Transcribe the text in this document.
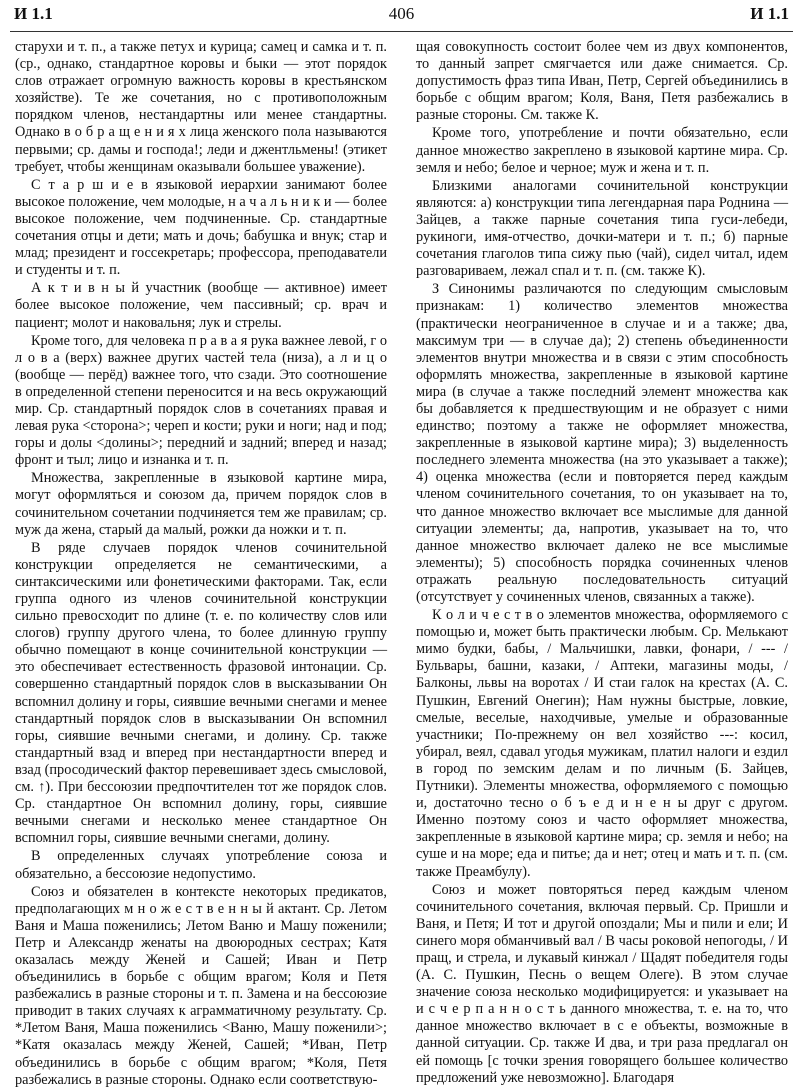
И 1.1	406	И 1.1

старухи и т. п., а также петух и курица; самец и самка и т. п. (ср., однако, стандартное коровы и быки — этот порядок слов отражает огромную важность коровы в крестьянском хозяйстве). Те же сочетания, но с противоположным порядком членов, нестандартны или менее стандартны. Однако в о б р а щ е н и я х лица женского пола называются первыми; ср. дамы и господа!; леди и джентльмены! (этикет требует, чтобы женщинам оказывали большее уважение).

С т а р ш и е в языковой иерархии занимают более высокое положение, чем молодые, н а ч а л ь н и к и — более высокое положение, чем подчиненные. Ср. стандартные сочетания отцы и дети; мать и дочь; бабушка и внук; стар и млад; президент и госсекретарь; профессора, преподаватели и студенты и т. п.

А к т и в н ы й участник (вообще — активное) имеет более высокое положение, чем пассивный; ср. врач и пациент; молот и наковальня; лук и стрелы.

Кроме того, для человека п р а в а я рука важнее левой, г о л о в а (верх) важнее других частей тела (низа), а л и ц о (вообще — перёд) важнее того, что сзади. Это соотношение в определенной степени переносится и на весь окружающий мир. Ср. стандартный порядок слов в сочетаниях правая и левая рука <сторона>; череп и кости; руки и ноги; над и под; горы и долы <долины>; передний и задний; вперед и назад; фронт и тыл; лицо и изнанка и т. п.

Множества, закрепленные в языковой картине мира, могут оформляться и союзом да, причем порядок слов в сочинительном сочетании подчиняется тем же правилам; ср. муж да жена, старый да малый, рожки да ножки и т. п.

В ряде случаев порядок членов сочинительной конструкции определяется не семантическими, а синтаксическими или фонетическими факторами. Так, если группа одного из членов сочинительной конструкции сильно превосходит по длине (т. е. по количеству слов или слогов) группу другого члена, то более длинную группу обычно помещают в конце сочинительной конструкции — это обеспечивает естественность фразовой интонации. Ср. совершенно стандартный порядок слов в высказывании Он вспомнил долину и горы, сиявшие вечными снегами и менее стандартный порядок слов в высказывании Он вспомнил горы, сиявшие вечными снегами, и долину. Ср. также стандартный взад и вперед при нестандартности вперед и взад (просодический фактор перевешивает здесь смысловой, см. ↑). При бессоюзии предпочтителен тот же порядок слов. Ср. стандартное Он вспомнил долину, горы, сиявшие вечными снегами и несколько менее стандартное Он вспомнил горы, сиявшие вечными снегами, долину.

В определенных случаях употребление союза и обязательно, а бессоюзие недопустимо.

Союз и обязателен в контексте некоторых предикатов, предполагающих м н о ж е с т в е н н ы й актант. Ср. Летом Ваня и Маша поженились; Летом Ваню и Машу поженили; Петр и Александр женаты на двоюродных сестрах; Катя оказалась между Женей и Сашей; Иван и Петр объединились в борьбе с общим врагом; Коля и Петя разбежались в разные стороны и т. п. Замена и на бессоюзие приводит в таких случаях к аграмматичному результату. Ср. *Летом Ваня, Маша поженились <Ваню, Машу поженили>; *Катя оказалась между Женей, Сашей; *Иван, Петр объединились в борьбе с общим врагом; *Коля, Петя разбежались в разные стороны. Однако если соответствую-

щая совокупность состоит более чем из двух компонентов, то данный запрет смягчается или даже снимается. Ср. допустимость фраз типа Иван, Петр, Сергей объединились в борьбе с общим врагом; Коля, Ваня, Петя разбежались в разные стороны. См. также К.

Кроме того, употребление и почти обязательно, если данное множество закреплено в языковой картине мира. Ср. земля и небо; белое и черное; муж и жена и т. п.

Близкими аналогами сочинительной конструкции являются: а) конструкции типа легендарная пара Роднина — Зайцев, а также парные сочетания типа гуси-лебеди, рукиноги, имя-отчество, дочки-матери и т. п.; б) парные сочетания глаголов типа сижу пью (чай), сидел читал, идем разговариваем, лежал спал и т. п. (см. также К).

З Синонимы различаются по следующим смысловым признакам: 1) количество элементов множества (практически неограниченное в случае и и а также; два, максимум три — в случае да); 2) степень объединенности элементов внутри множества и в связи с этим способность оформлять множества, закрепленные в языковой картине мира (в случае а также последний элемент множества как бы добавляется к предшествующим и не образует с ними единство; поэтому а также не оформляет множества, закрепленные в языковой картине мира); 3) выделенность последнего элемента множества (на это указывает а также); 4) оценка множества (если и повторяется перед каждым членом сочинительного сочетания, то он указывает на то, что данное множество включает все мыслимые для данной ситуации элементы; да, напротив, указывает на то, что данное множество включает далеко не все мыслимые элементы); 5) способность порядка сочиненных членов отражать реальную последовательность ситуаций (отсутствует у сочиненных членов, связанных а также).

К о л и ч е с т в о элементов множества, оформляемого с помощью и, может быть практически любым. Ср. Мелькают мимо будки, бабы, / Мальчишки, лавки, фонари, / --- / Бульвары, башни, казаки, / Аптеки, магазины моды, / Балконы, львы на воротах / И стаи галок на крестах (А. С. Пушкин, Евгений Онегин); Нам нужны быстрые, ловкие, смелые, веселые, находчивые, умелые и образованные участники; По-прежнему он вел хозяйство ---: косил, убирал, веял, сдавал угодья мужикам, платил налоги и ездил в город по земским делам и по личным (Б. Зайцев, Путники). Элементы множества, оформляемого с помощью и, достаточно тесно о б ъ е д и н е н ы друг с другом. Именно поэтому союз и часто оформляет множества, закрепленные в языковой картине мира; ср. земля и небо; на суше и на море; еда и питье; да и нет; отец и мать и т. п. (см. также Преамбулу).

Союз и может повторяться перед каждым членом сочинительного сочетания, включая первый. Ср. Пришли и Ваня, и Петя; И тот и другой опоздали; Мы и пили и ели; И синего моря обманчивый вал / В часы роковой непогоды, / И пращ, и стрела, и лукавый кинжал / Щадят победителя годы (А. С. Пушкин, Песнь о вещем Олеге). В этом случае значение союза несколько модифицируется: и указывает на и с ч е р п а н н о с т ь данного множества, т. е. на то, что данное множество включает в с е объекты, возможные в данной ситуации. Ср. также И два, и три раза предлагал он ей помощь [с точки зрения говорящего большее количество предложений уже невозможно]. Благодаря
